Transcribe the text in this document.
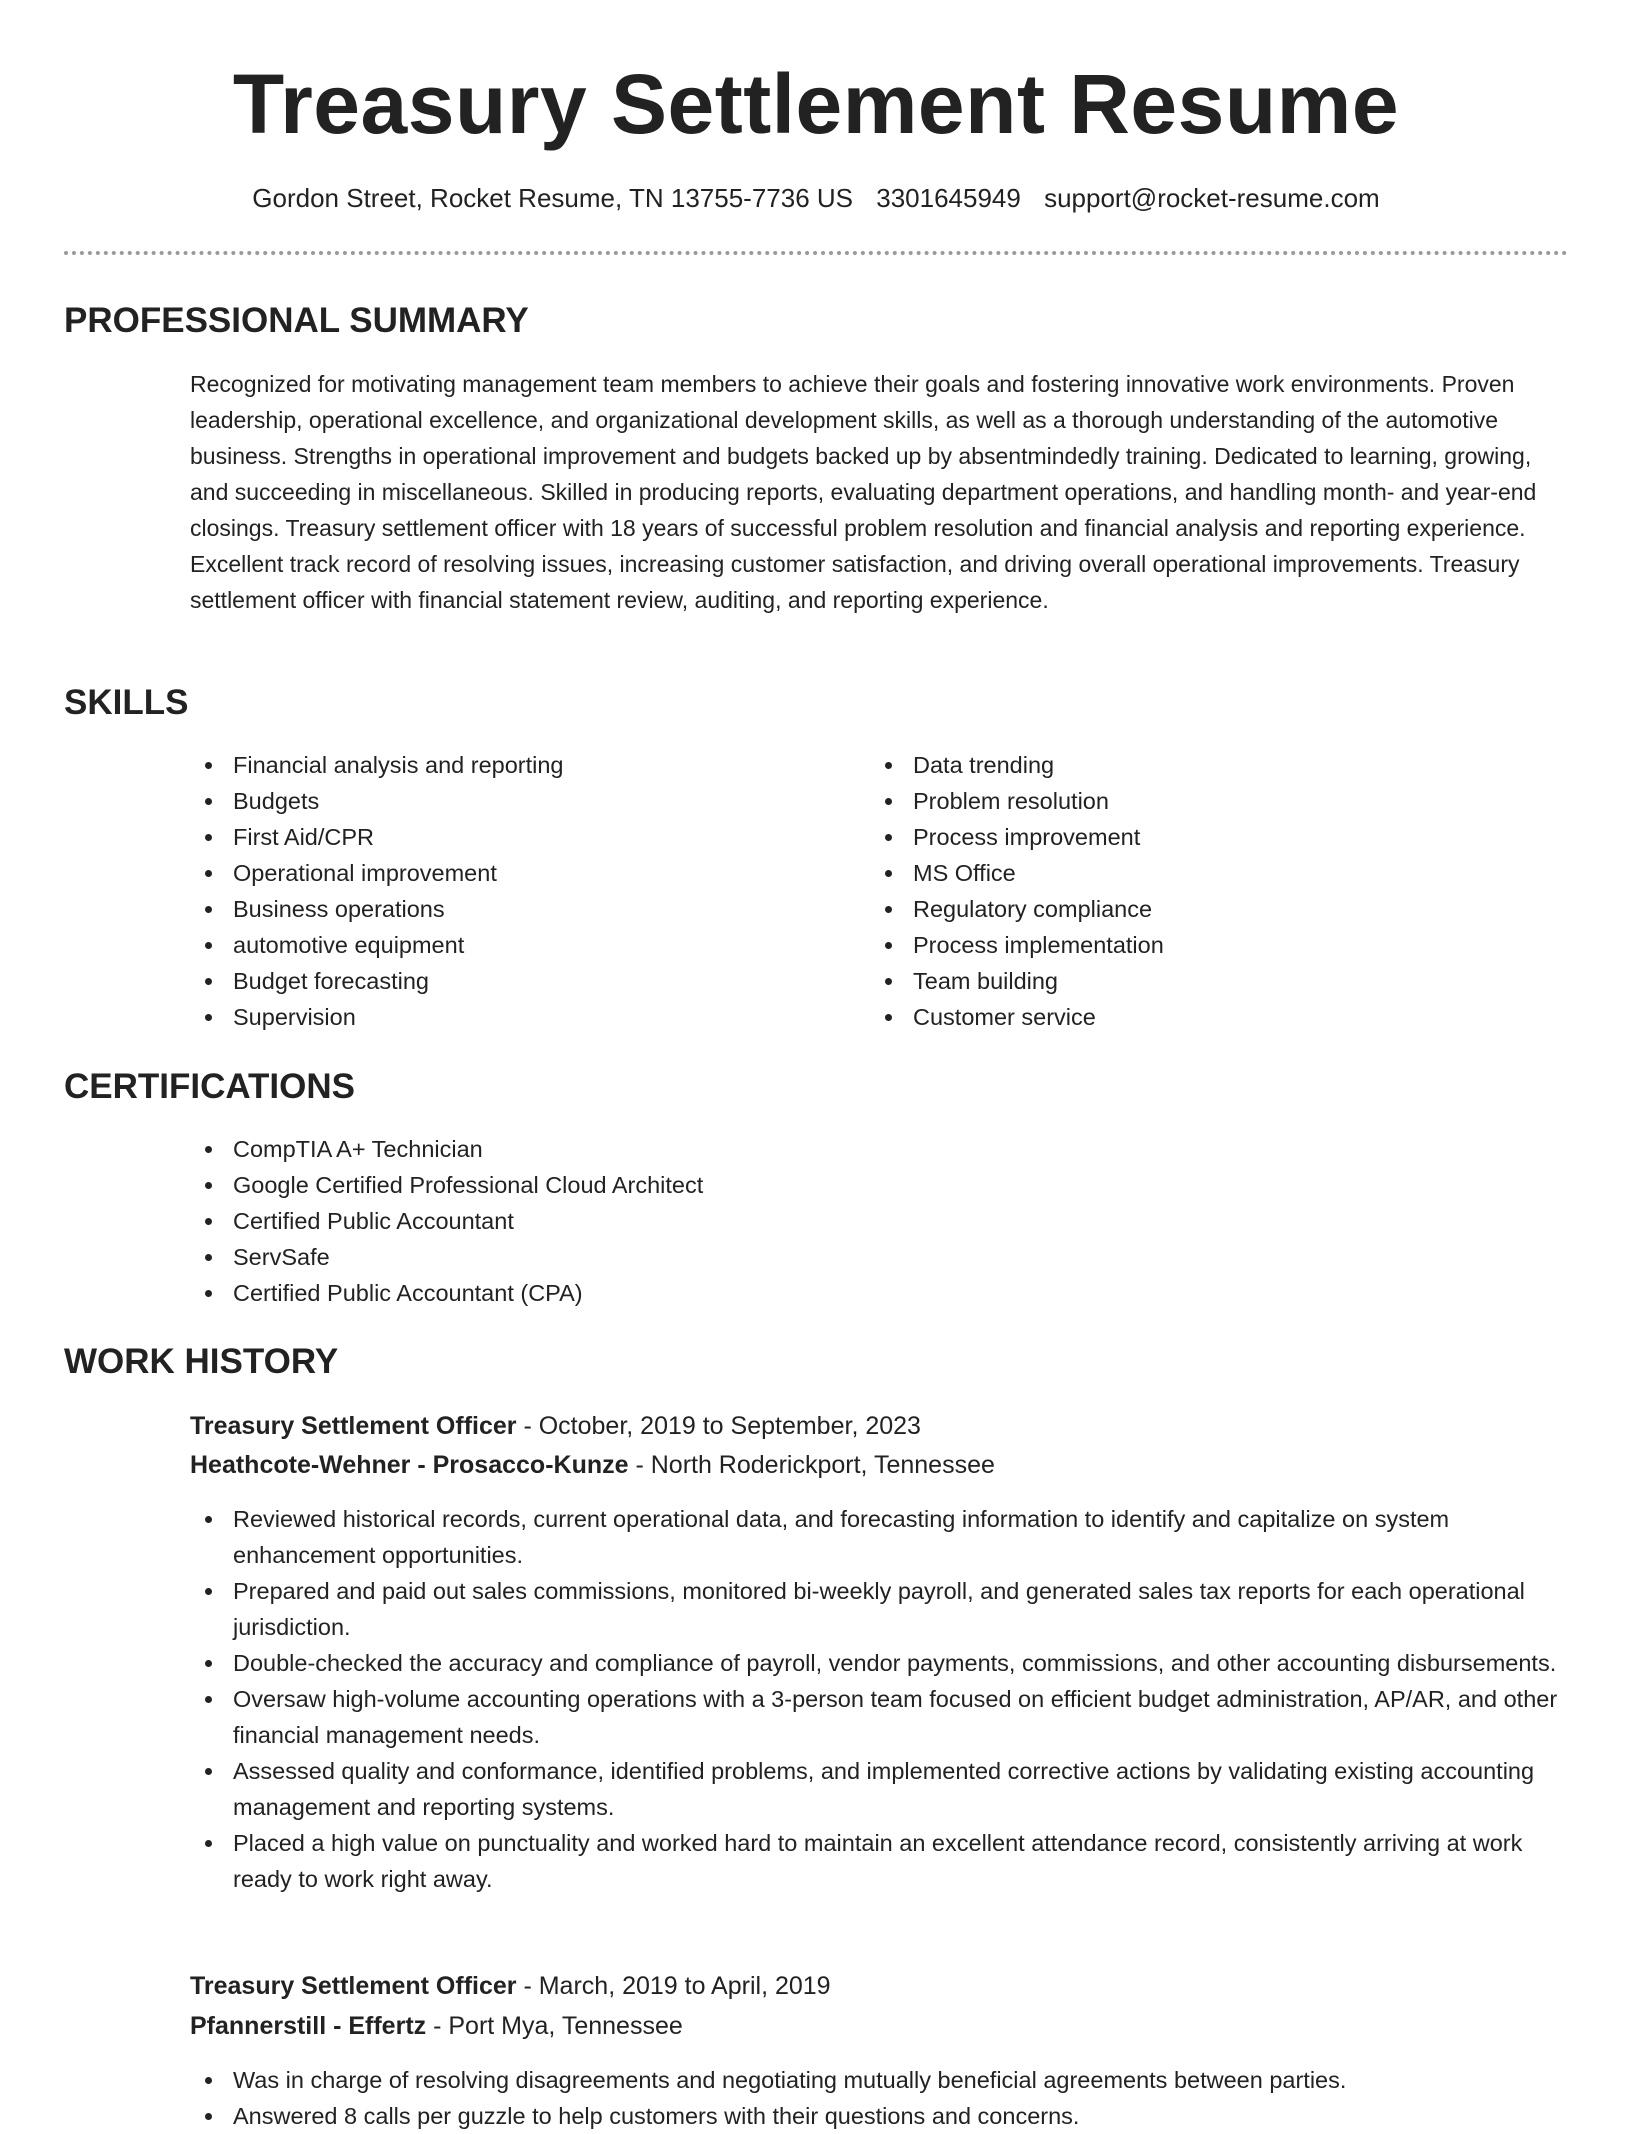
Treasury Settlement Resume
Gordon Street, Rocket Resume, TN 13755-7736 US 3301645949 support@rocket-resume.com
PROFESSIONAL SUMMARY

Recognized for motivating management team members to achieve their goals and fostering innovative work environments. Proven leadership, operational excellence, and organizational development skills, as well as a thorough understanding of the automotive business. Strengths in operational improvement and budgets backed up by absentmindedly training. Dedicated to learning, growing, and succeeding in miscellaneous. Skilled in producing reports, evaluating department operations, and handling month- and year-end closings. Treasury settlement officer with 18 years of successful problem resolution and financial analysis and reporting experience. Excellent track record of resolving issues, increasing customer satisfaction, and driving overall operational improvements. Treasury settlement officer with financial statement review, auditing, and reporting experience.

SKILLS
Financial analysis and reporting
Budgets
First Aid/CPR
Operational improvement
Business operations
automotive equipment
Budget forecasting
Supervision
Data trending
Problem resolution
Process improvement
MS Office
Regulatory compliance
Process implementation
Team building
Customer service
CERTIFICATIONS
CompTIA A+ Technician
Google Certified Professional Cloud Architect
Certified Public Accountant
ServSafe
Certified Public Accountant (CPA)
WORK HISTORY
Treasury Settlement Officer - October, 2019 to September, 2023
Heathcote-Wehner - Prosacco-Kunze - North Roderickport, Tennessee
Reviewed historical records, current operational data, and forecasting information to identify and capitalize on system enhancement opportunities.
Prepared and paid out sales commissions, monitored bi-weekly payroll, and generated sales tax reports for each operational jurisdiction.
Double-checked the accuracy and compliance of payroll, vendor payments, commissions, and other accounting disbursements.
Oversaw high-volume accounting operations with a 3-person team focused on efficient budget administration, AP/AR, and other financial management needs.
Assessed quality and conformance, identified problems, and implemented corrective actions by validating existing accounting management and reporting systems.
Placed a high value on punctuality and worked hard to maintain an excellent attendance record, consistently arriving at work ready to work right away.
Treasury Settlement Officer - March, 2019 to April, 2019
Pfannerstill - Effertz - Port Mya, Tennessee
Was in charge of resolving disagreements and negotiating mutually beneficial agreements between parties.
Answered 8 calls per guzzle to help customers with their questions and concerns.
